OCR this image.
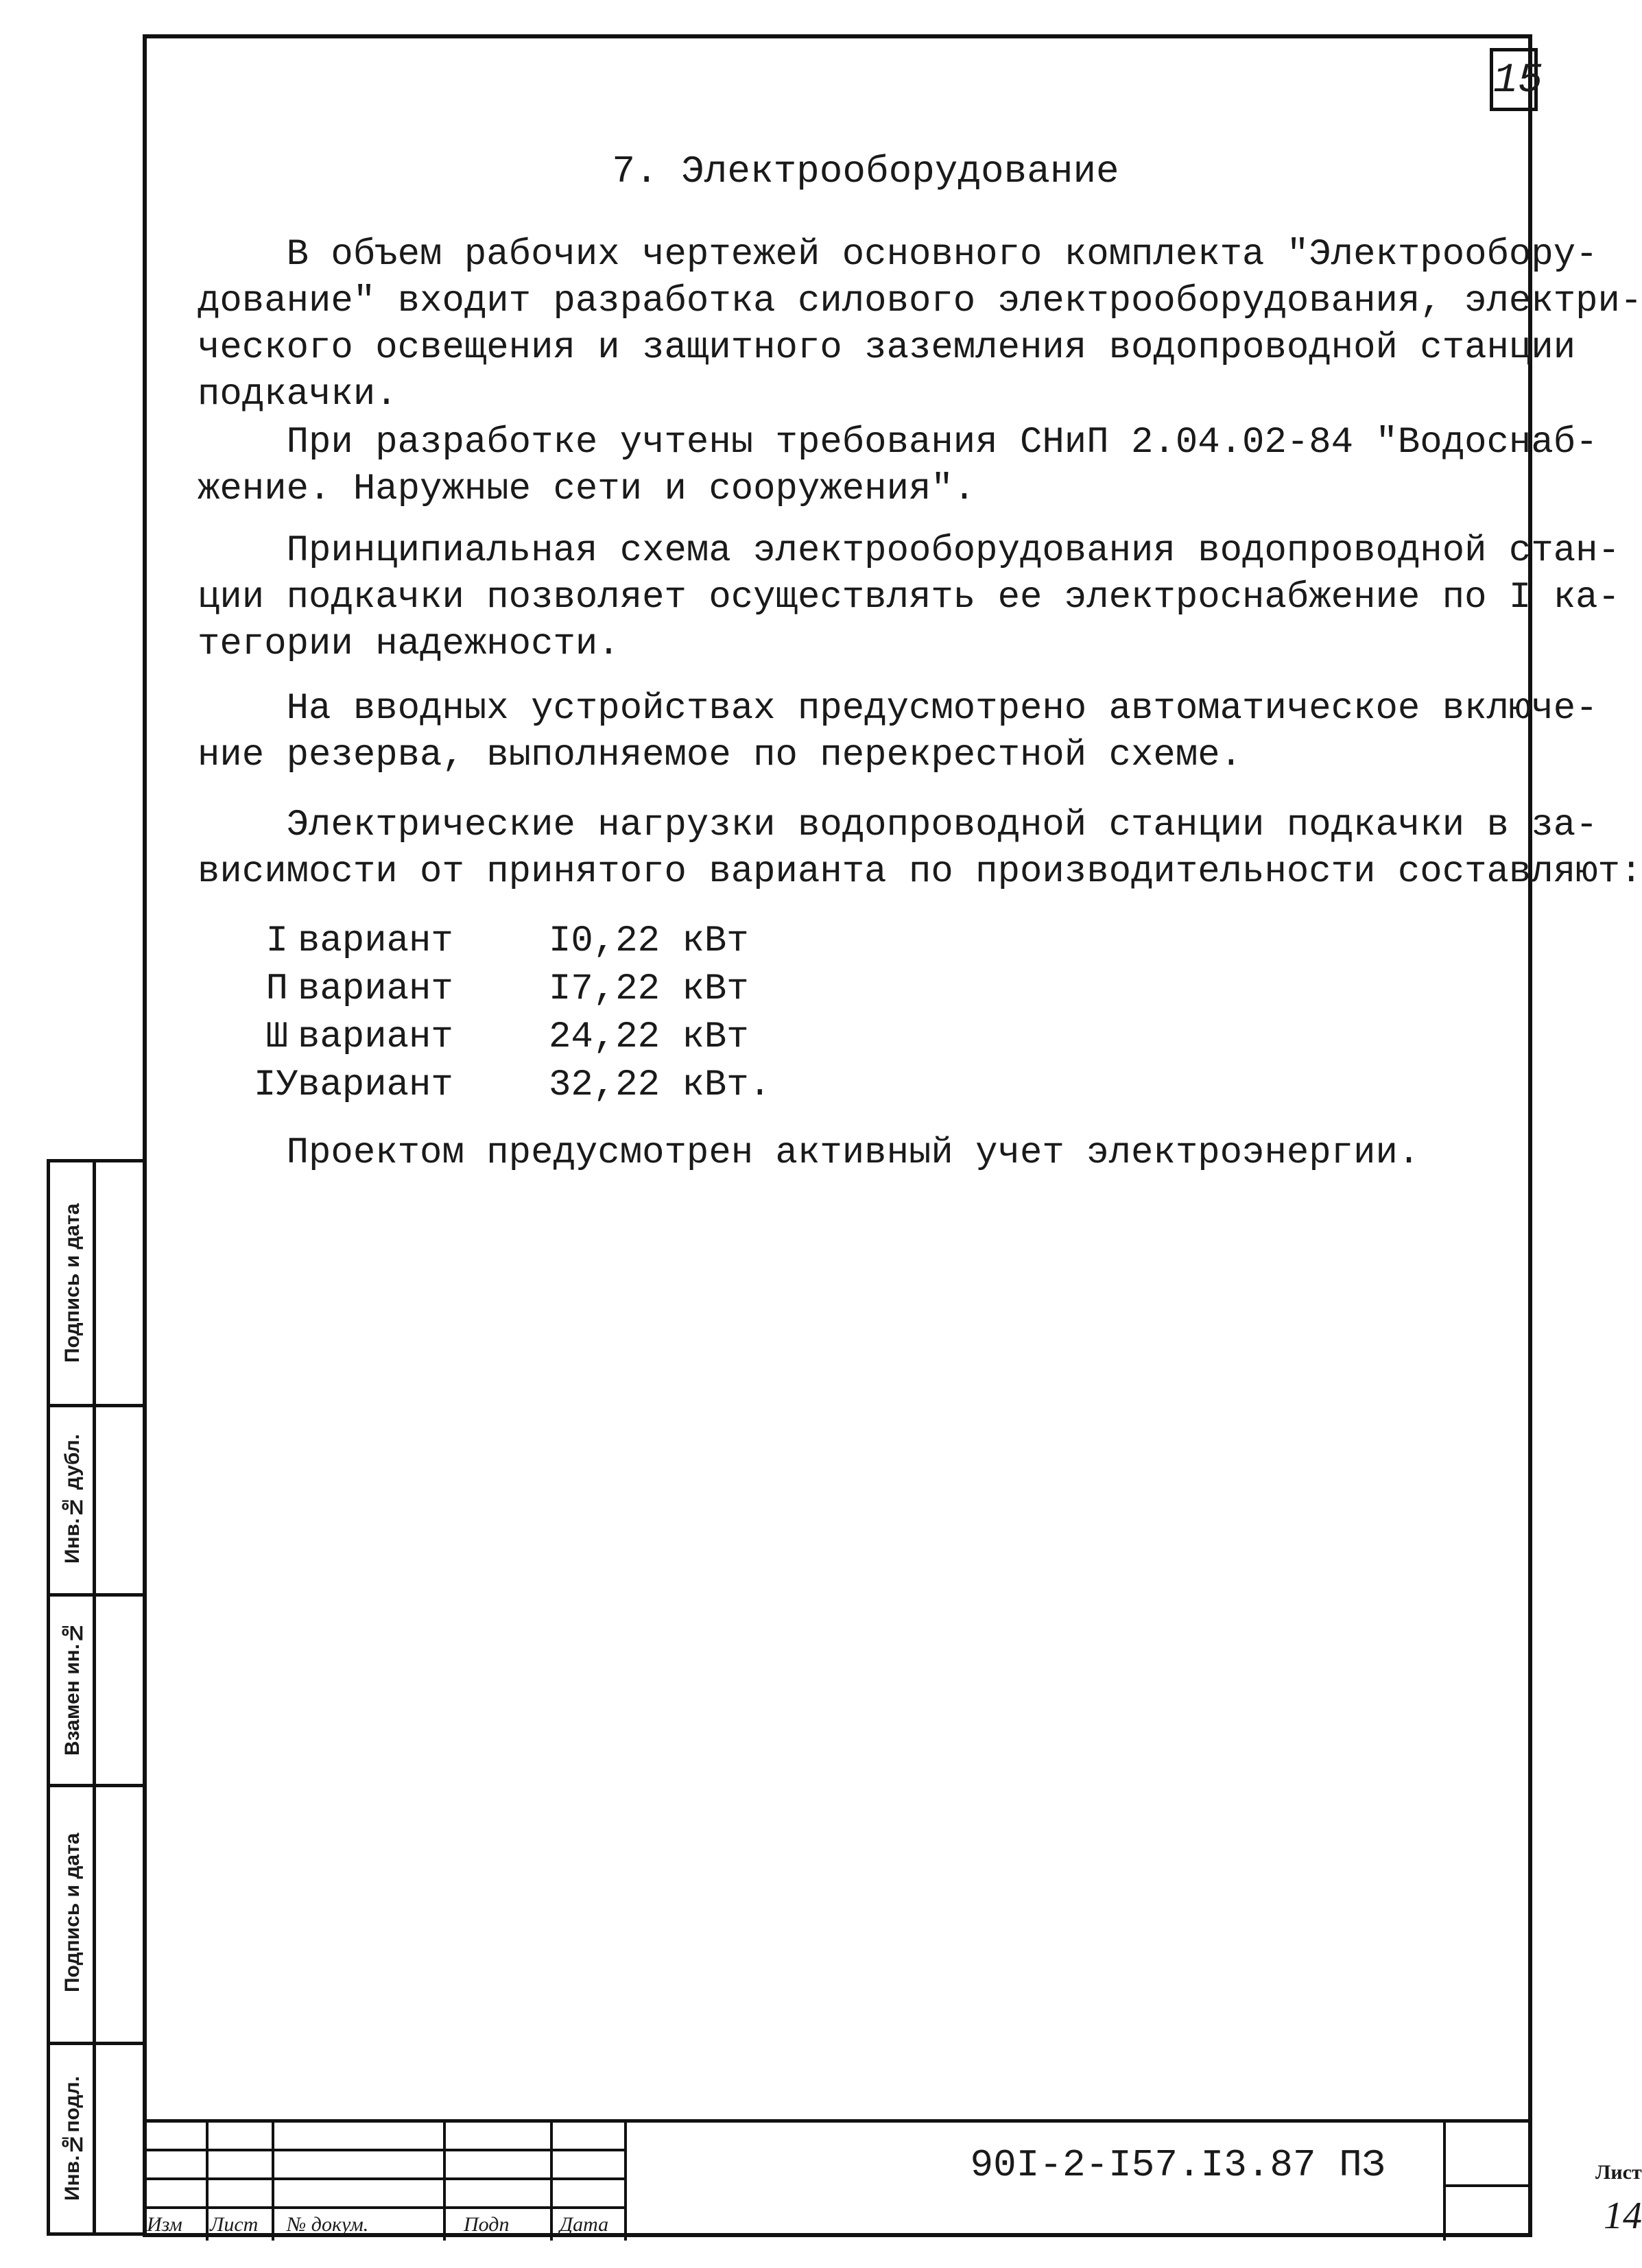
15
7. Электрооборудование
В объем рабочих чертежей основного комплекта "Электрообору-
дование" входит разработка силового электрооборудования, электри-
ческого освещения и защитного заземления водопроводной станции
подкачки.
При разработке учтены требования СНиП 2.04.02-84 "Водоснаб-
жение. Наружные сети и сооружения".
Принципиальная схема электрооборудования водопроводной стан-
ции подкачки позволяет осуществлять ее электроснабжение по I ка-
тегории надежности.
На вводных устройствах предусмотрено автоматическое включе-
ние резерва, выполняемое по перекрестной схеме.
Электрические нагрузки водопроводной станции подкачки в за-
висимости от принятого варианта по производительности составляют:
I вариант	I0,22 кВт
П вариант	I7,22 кВт
Ш вариант	24,22 кВт
IУвариант	32,22 кВт.
Проектом предусмотрен активный учет электроэнергии.
Подпись и дата
Инв.№ дубл.
Взамен ин.№
Подпись и дата
Инв.№подл.	90I-2-I57.I3.87 ПЗ
Изм Лист № докум.	Подп Дата
Лист
14
